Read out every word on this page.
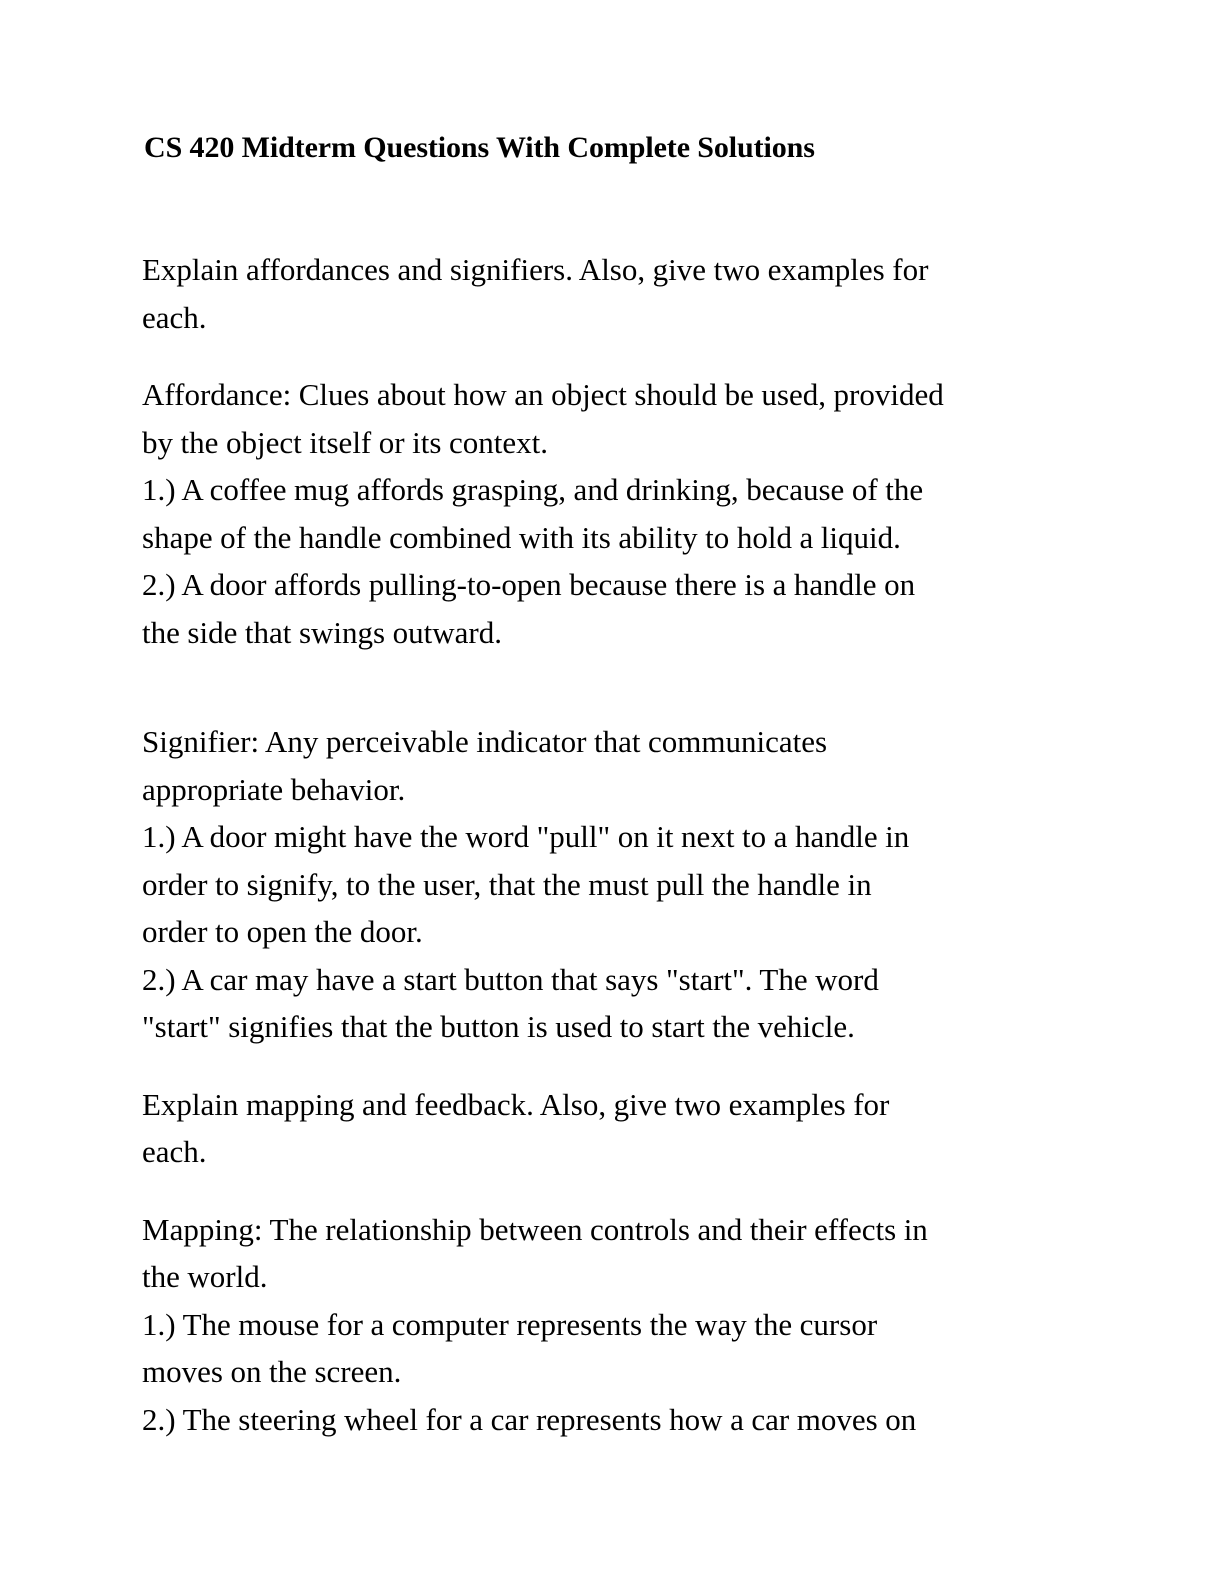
CS 420 Midterm Questions With Complete Solutions
Explain affordances and signifiers. Also, give two examples for
each.
Affordance: Clues about how an object should be used, provided
by the object itself or its context.
1.) A coffee mug affords grasping, and drinking, because of the
shape of the handle combined with its ability to hold a liquid.
2.) A door affords pulling-to-open because there is a handle on
the side that swings outward.
Signifier: Any perceivable indicator that communicates
appropriate behavior.
1.) A door might have the word "pull" on it next to a handle in
order to signify, to the user, that the must pull the handle in
order to open the door.
2.) A car may have a start button that says "start". The word
"start" signifies that the button is used to start the vehicle.
Explain mapping and feedback. Also, give two examples for
each.
Mapping: The relationship between controls and their effects in
the world.
1.) The mouse for a computer represents the way the cursor
moves on the screen.
2.) The steering wheel for a car represents how a car moves on
